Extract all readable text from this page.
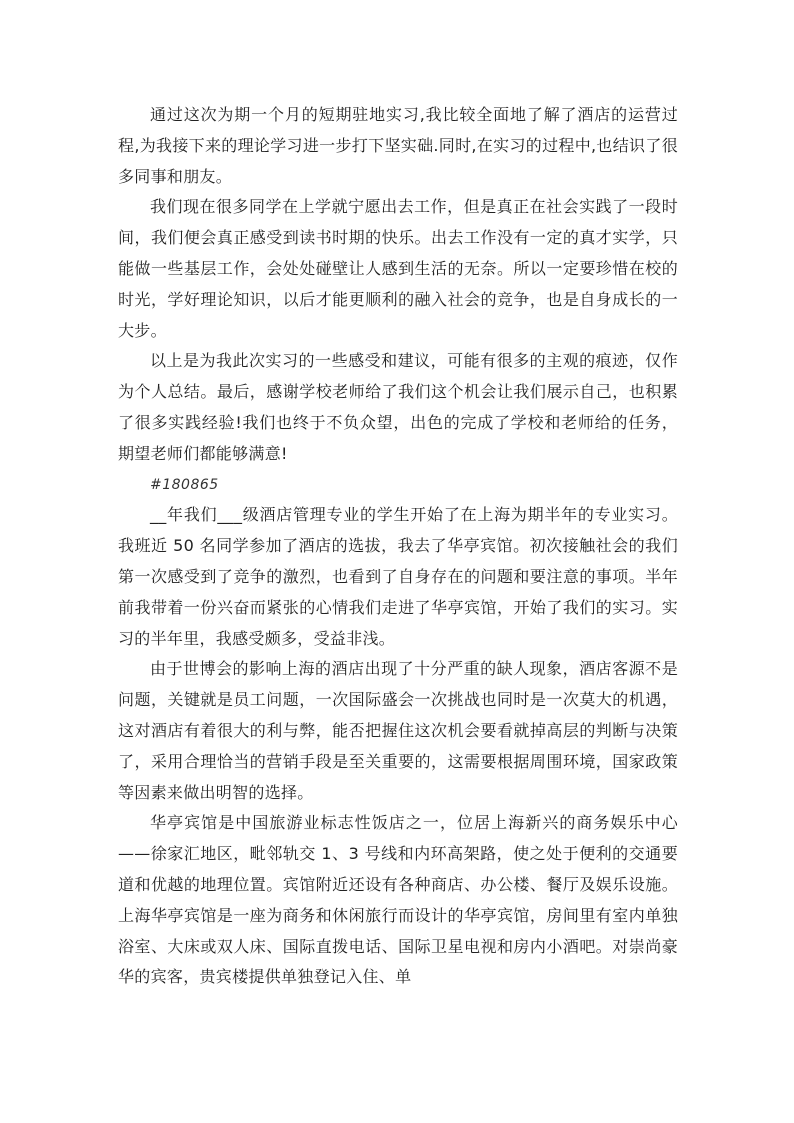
通过这次为期一个月的短期驻地实习,我比较全面地了解了酒店的运营过程,为我接下来的理论学习进一步打下坚实础.同时,在实习的过程中,也结识了很多同事和朋友。

我们现在很多同学在上学就宁愿出去工作，但是真正在社会实践了一段时间，我们便会真正感受到读书时期的快乐。出去工作没有一定的真才实学，只能做一些基层工作，会处处碰壁让人感到生活的无奈。所以一定要珍惜在校的时光，学好理论知识，以后才能更顺利的融入社会的竞争，也是自身成长的一大步。

以上是为我此次实习的一些感受和建议，可能有很多的主观的痕迹，仅作为个人总结。最后，感谢学校老师给了我们这个机会让我们展示自己，也积累了很多实践经验!我们也终于不负众望，出色的完成了学校和老师给的任务，期望老师们都能够满意!

#180865

__年我们___级酒店管理专业的学生开始了在上海为期半年的专业实习。我班近 50 名同学参加了酒店的选拔，我去了华亭宾馆。初次接触社会的我们第一次感受到了竞争的激烈，也看到了自身存在的问题和要注意的事项。半年前我带着一份兴奋而紧张的心情我们走进了华亭宾馆，开始了我们的实习。实习的半年里，我感受颇多，受益非浅。

由于世博会的影响上海的酒店出现了十分严重的缺人现象，酒店客源不是问题，关键就是员工问题，一次国际盛会一次挑战也同时是一次莫大的机遇，这对酒店有着很大的利与弊，能否把握住这次机会要看就掉高层的判断与决策了，采用合理恰当的营销手段是至关重要的，这需要根据周围环境，国家政策等因素来做出明智的选择。

华亭宾馆是中国旅游业标志性饭店之一，位居上海新兴的商务娱乐中心——徐家汇地区，毗邻轨交 1、3 号线和内环高架路，使之处于便利的交通要道和优越的地理位置。宾馆附近还设有各种商店、办公楼、餐厅及娱乐设施。上海华亭宾馆是一座为商务和休闲旅行而设计的华亭宾馆，房间里有室内单独浴室、大床或双人床、国际直拨电话、国际卫星电视和房内小酒吧。对崇尚豪华的宾客，贵宾楼提供单独登记入住、单
